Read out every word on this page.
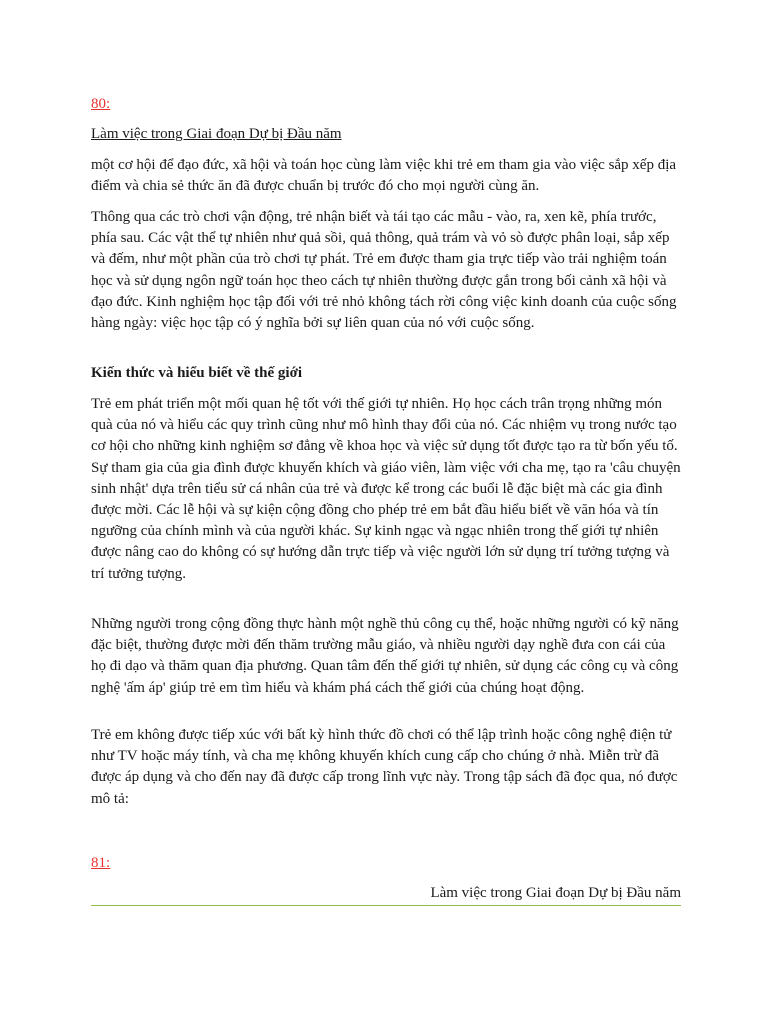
80:
Làm việc trong Giai đoạn Dự bị Đầu năm

một cơ hội để đạo đức, xã hội và toán học cùng làm việc khi trẻ em tham gia vào việc sắp xếp địa điểm và chia sẻ thức ăn đã được chuẩn bị trước đó cho mọi người cùng ăn.

Thông qua các trò chơi vận động, trẻ nhận biết và tái tạo các mẫu - vào, ra, xen kẽ, phía trước, phía sau. Các vật thể tự nhiên như quả sồi, quả thông, quả trám và vỏ sò được phân loại, sắp xếp và đếm, như một phần của trò chơi tự phát. Trẻ em được tham gia trực tiếp vào trải nghiệm toán học và sử dụng ngôn ngữ toán học theo cách tự nhiên thường được gắn trong bối cảnh xã hội và đạo đức. Kinh nghiệm học tập đối với trẻ nhỏ không tách rời công việc kinh doanh của cuộc sống hàng ngày: việc học tập có ý nghĩa bởi sự liên quan của nó với cuộc sống.

Kiến thức và hiểu biết về thế giới

Trẻ em phát triển một mối quan hệ tốt với thế giới tự nhiên. Họ học cách trân trọng những món quà của nó và hiểu các quy trình cũng như mô hình thay đổi của nó. Các nhiệm vụ trong nước tạo cơ hội cho những kinh nghiệm sơ đẳng về khoa học và việc sử dụng tốt được tạo ra từ bốn yếu tố. Sự tham gia của gia đình được khuyến khích và giáo viên, làm việc với cha mẹ, tạo ra 'câu chuyện sinh nhật' dựa trên tiểu sử cá nhân của trẻ và được kể trong các buổi lễ đặc biệt mà các gia đình được mời. Các lễ hội và sự kiện cộng đồng cho phép trẻ em bắt đầu hiểu biết về văn hóa và tín ngưỡng của chính mình và của người khác. Sự kinh ngạc và ngạc nhiên trong thế giới tự nhiên được nâng cao do không có sự hướng dẫn trực tiếp và việc người lớn sử dụng trí tưởng tượng và trí tưởng tượng.

Những người trong cộng đồng thực hành một nghề thủ công cụ thể, hoặc những người có kỹ năng đặc biệt, thường được mời đến thăm trường mẫu giáo, và nhiều người dạy nghề đưa con cái của họ đi dạo và thăm quan địa phương. Quan tâm đến thế giới tự nhiên, sử dụng các công cụ và công nghệ 'ấm áp' giúp trẻ em tìm hiểu và khám phá cách thế giới của chúng hoạt động.

Trẻ em không được tiếp xúc với bất kỳ hình thức đồ chơi có thể lập trình hoặc công nghệ điện tử như TV hoặc máy tính, và cha mẹ không khuyến khích cung cấp cho chúng ở nhà. Miễn trừ đã được áp dụng và cho đến nay đã được cấp trong lĩnh vực này. Trong tập sách đã đọc qua, nó được mô tả:

81:
Làm việc trong Giai đoạn Dự bị Đầu năm
